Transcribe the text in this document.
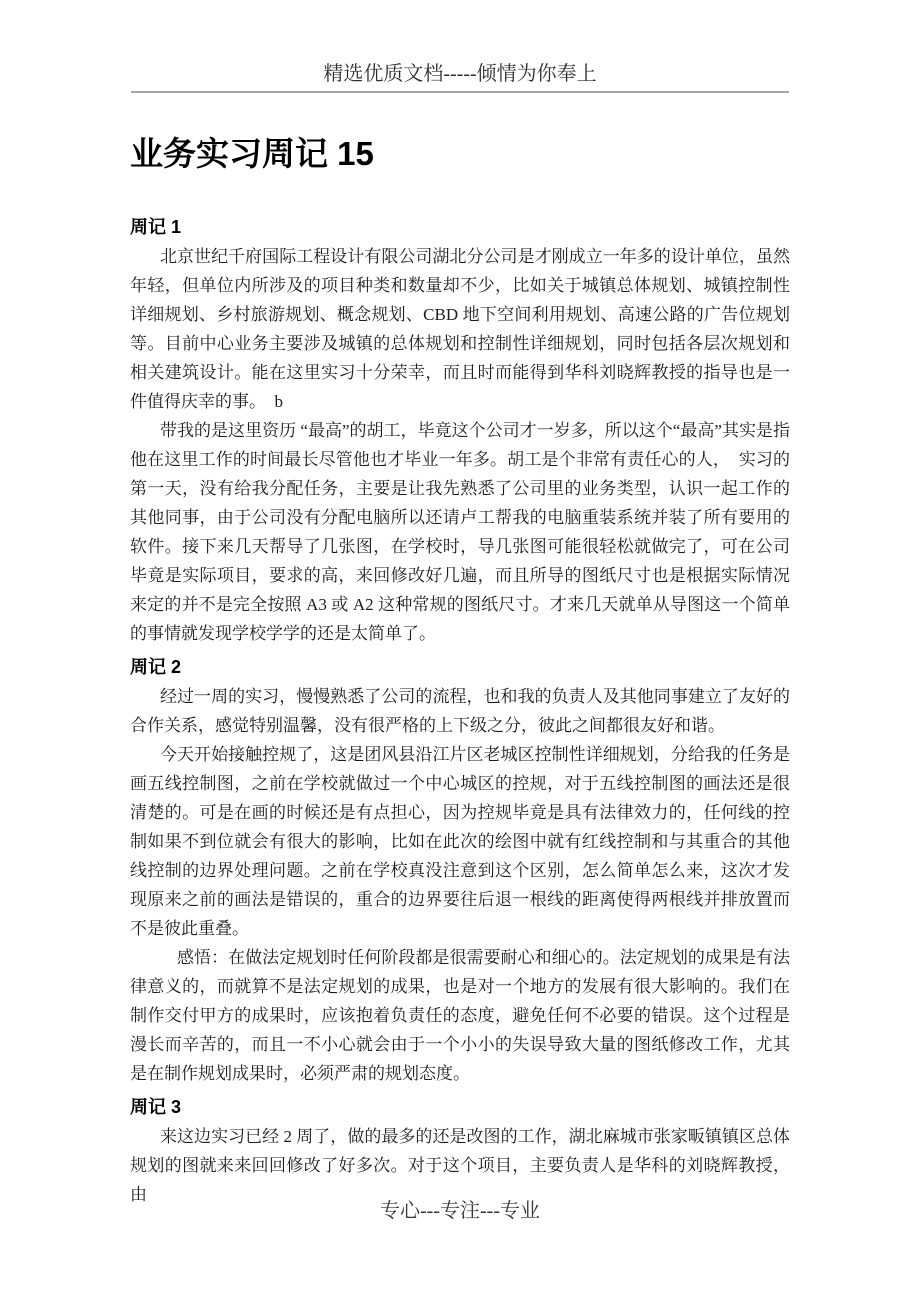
精选优质文档-----倾情为你奉上
业务实习周记 15
周记 1

北京世纪千府国际工程设计有限公司湖北分公司是才刚成立一年多的设计单位，虽然年轻，但单位内所涉及的项目种类和数量却不少，比如关于城镇总体规划、城镇控制性详细规划、乡村旅游规划、概念规划、CBD 地下空间利用规划、高速公路的广告位规划等。目前中心业务主要涉及城镇的总体规划和控制性详细规划，同时包括各层次规划和相关建筑设计。能在这里实习十分荣幸，而且时而能得到华科刘晓辉教授的指导也是一件值得庆幸的事。　b

带我的是这里资历 “最高”的胡工，毕竟这个公司才一岁多，所以这个“最高”其实是指他在这里工作的时间最长尽管他也才毕业一年多。胡工是个非常有责任心的人，　实习的第一天，没有给我分配任务，主要是让我先熟悉了公司里的业务类型，认识一起工作的其他同事，由于公司没有分配电脑所以还请卢工帮我的电脑重装系统并装了所有要用的软件。接下来几天帮导了几张图，在学校时，导几张图可能很轻松就做完了，可在公司毕竟是实际项目，要求的高，来回修改好几遍，而且所导的图纸尺寸也是根据实际情况来定的并不是完全按照 A3 或 A2 这种常规的图纸尺寸。才来几天就单从导图这一个简单的事情就发现学校学学的还是太简单了。

周记 2

经过一周的实习，慢慢熟悉了公司的流程，也和我的负责人及其他同事建立了友好的合作关系，感觉特别温馨，没有很严格的上下级之分，彼此之间都很友好和谐。

今天开始接触控规了，这是团风县沿江片区老城区控制性详细规划，分给我的任务是画五线控制图，之前在学校就做过一个中心城区的控规，对于五线控制图的画法还是很清楚的。可是在画的时候还是有点担心，因为控规毕竟是具有法律效力的，任何线的控制如果不到位就会有很大的影响，比如在此次的绘图中就有红线控制和与其重合的其他线控制的边界处理问题。之前在学校真没注意到这个区别，怎么简单怎么来，这次才发现原来之前的画法是错误的，重合的边界要往后退一根线的距离使得两根线并排放置而不是彼此重叠。

　感悟：在做法定规划时任何阶段都是很需要耐心和细心的。法定规划的成果是有法律意义的，而就算不是法定规划的成果，也是对一个地方的发展有很大影响的。我们在制作交付甲方的成果时，应该抱着负责任的态度，避免任何不必要的错误。这个过程是漫长而辛苦的，而且一不小心就会由于一个小小的失误导致大量的图纸修改工作，尤其是在制作规划成果时，必须严肃的规划态度。

周记 3

来这边实习已经 2 周了，做的最多的还是改图的工作，湖北麻城市张家畈镇镇区总体规划的图就来来回回修改了好多次。对于这个项目，主要负责人是华科的刘晓辉教授，由

专心---专注---专业
